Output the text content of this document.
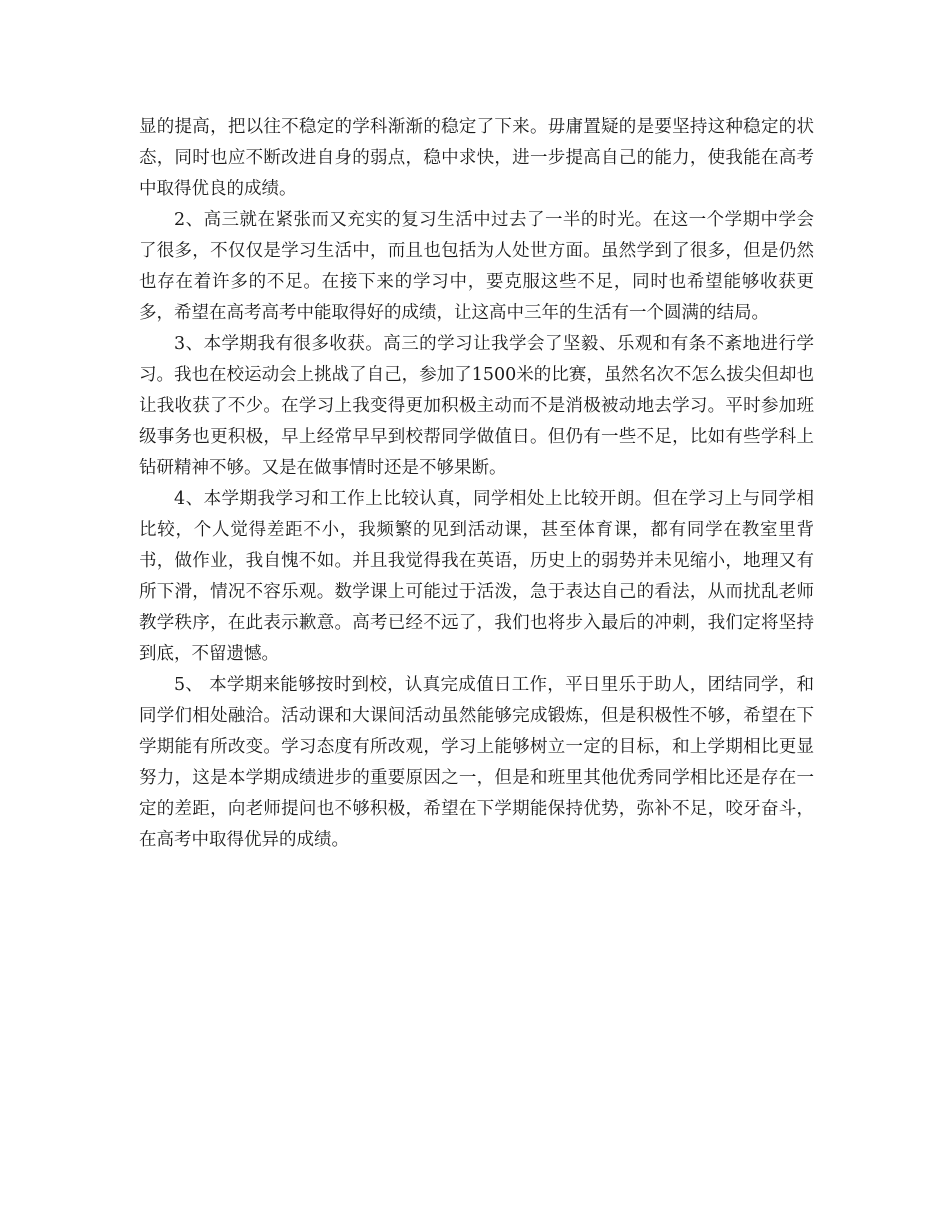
显的提高，把以往不稳定的学科渐渐的稳定了下来。毋庸置疑的是要坚持这种稳定的状态，同时也应不断改进自身的弱点，稳中求快，进一步提高自己的能力，使我能在高考中取得优良的成绩。

2、高三就在紧张而又充实的复习生活中过去了一半的时光。在这一个学期中学会了很多，不仅仅是学习生活中，而且也包括为人处世方面。虽然学到了很多，但是仍然也存在着许多的不足。在接下来的学习中，要克服这些不足，同时也希望能够收获更多，希望在高考高考中能取得好的成绩，让这高中三年的生活有一个圆满的结局。

3、本学期我有很多收获。高三的学习让我学会了坚毅、乐观和有条不紊地进行学习。我也在校运动会上挑战了自己，参加了1500米的比赛，虽然名次不怎么拔尖但却也让我收获了不少。在学习上我变得更加积极主动而不是消极被动地去学习。平时参加班级事务也更积极，早上经常早早到校帮同学做值日。但仍有一些不足，比如有些学科上钻研精神不够。又是在做事情时还是不够果断。

4、本学期我学习和工作上比较认真，同学相处上比较开朗。但在学习上与同学相比较，个人觉得差距不小，我频繁的见到活动课，甚至体育课，都有同学在教室里背书，做作业，我自愧不如。并且我觉得我在英语，历史上的弱势并未见缩小，地理又有所下滑，情况不容乐观。数学课上可能过于活泼，急于表达自己的看法，从而扰乱老师教学秩序，在此表示歉意。高考已经不远了，我们也将步入最后的冲刺，我们定将坚持到底，不留遗憾。

5、 本学期来能够按时到校，认真完成值日工作，平日里乐于助人，团结同学，和同学们相处融洽。活动课和大课间活动虽然能够完成锻炼，但是积极性不够，希望在下学期能有所改变。学习态度有所改观，学习上能够树立一定的目标，和上学期相比更显努力，这是本学期成绩进步的重要原因之一，但是和班里其他优秀同学相比还是存在一定的差距，向老师提问也不够积极，希望在下学期能保持优势，弥补不足，咬牙奋斗，在高考中取得优异的成绩。
